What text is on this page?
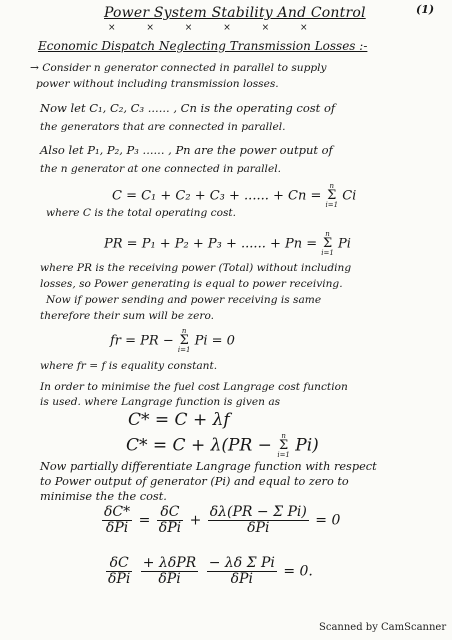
(1)
Power System Stability And Control
× × × × × ×
Economic Dispatch Neglecting Transmission Losses :-
→ Consider n generator connected in parallel to supply
power without including transmission losses.
Now let C₁, C₂, C₃ ...... , Cn is the operating cost of
the generators that are connected in parallel.
Also let P₁, P₂, P₃ ...... , Pn are the power output of
the n generator at one connected in parallel.
C = C₁ + C₂ + C₃ + ...... + Cn = n
Σ
i=1 Ci
where C is the total operating cost.
PR = P₁ + P₂ + P₃ + ...... + Pn = n
Σ
i=1 Pi
where PR is the receiving power (Total) without including
losses, so Power generating is equal to power receiving.
Now if power sending and power receiving is same
therefore their sum will be zero.
fr = PR − n
Σ
i=1 Pi = 0
where fr = f is equality constant.
In order to minimise the fuel cost Langrage cost function
is used. where Langrage function is given as
C* = C + λf
C* = C + λ(PR − n
Σ
i=1 Pi)
Now partially differentiate Langrage function with respect
to Power output of generator (Pi) and equal to zero to
minimise the the cost.
$\frac{\delta C*}{\text{δPi}} = \frac{\delta C}{\text{δPi}} + \frac{\text{δλ(PR − Σ Pi)}}{\text{δPi}} = 0$
$\frac{\delta C}{\text{δPi}}$
$\frac{\text{+ λδPR}}{\text{δPi}}$
$\frac{\text{− λδ Σ Pi}}{\text{δPi}} = 0$.
Scanned by CamScanner
